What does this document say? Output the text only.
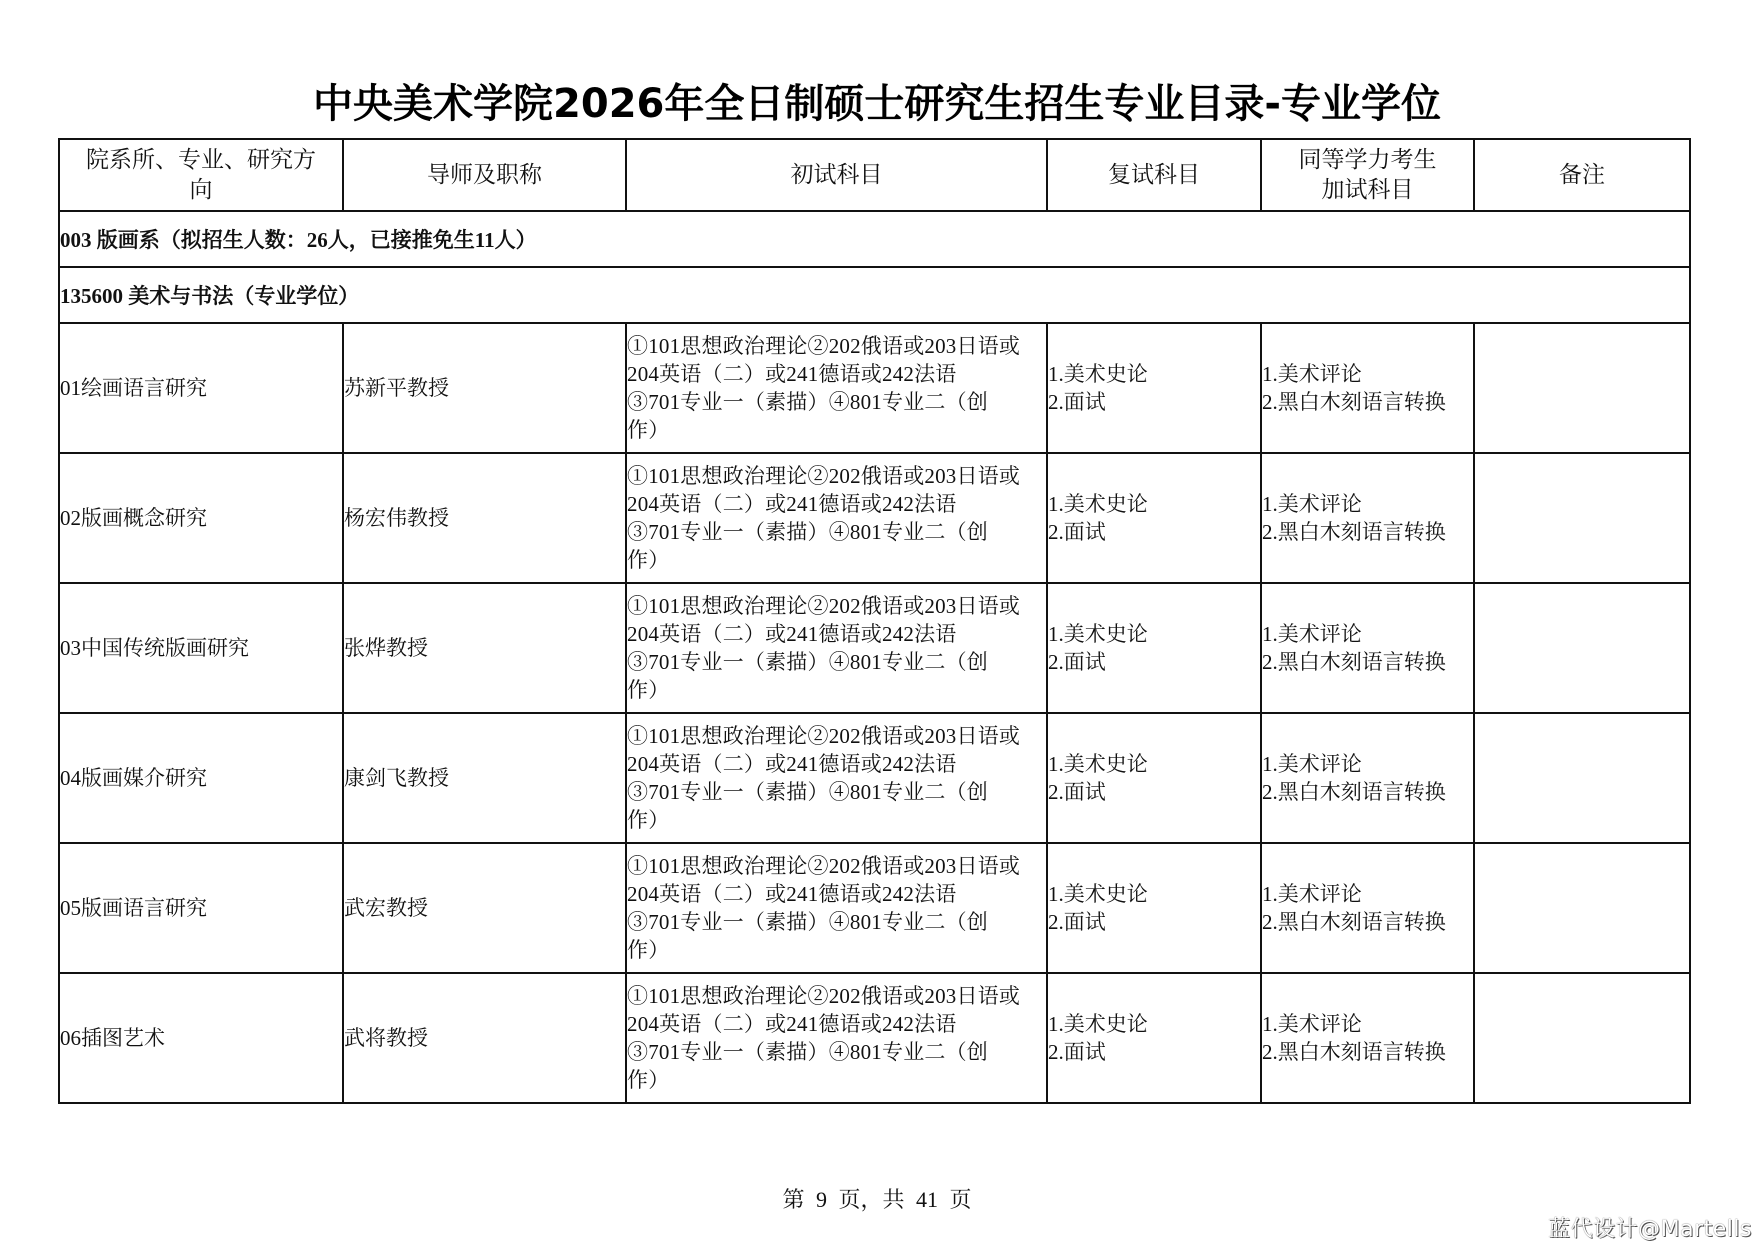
中央美术学院2026年全日制硕士研究生招生专业目录-专业学位
院系所、专业、研究方
向	导师及职称	初试科目	复试科目	同等学力考生
加试科目	备注
003 版画系（拟招生人数：26人，已接推免生11人）					
135600 美术与书法（专业学位）					
01绘画语言研究	苏新平教授	①101思想政治理论②202俄语或203日语或
204英语（二）或241德语或242法语
③701专业一（素描）④801专业二（创
作）	1.美术史论
2.面试	1.美术评论
2.黑白木刻语言转换	

02版画概念研究	杨宏伟教授	①101思想政治理论②202俄语或203日语或
204英语（二）或241德语或242法语
③701专业一（素描）④801专业二（创
作）	1.美术史论
2.面试	1.美术评论
2.黑白木刻语言转换	

03中国传统版画研究	张烨教授	①101思想政治理论②202俄语或203日语或
204英语（二）或241德语或242法语
③701专业一（素描）④801专业二（创
作）	1.美术史论
2.面试	1.美术评论
2.黑白木刻语言转换	

04版画媒介研究	康剑飞教授	①101思想政治理论②202俄语或203日语或
204英语（二）或241德语或242法语
③701专业一（素描）④801专业二（创
作）	1.美术史论
2.面试	1.美术评论
2.黑白木刻语言转换	

05版画语言研究	武宏教授	①101思想政治理论②202俄语或203日语或
204英语（二）或241德语或242法语
③701专业一（素描）④801专业二（创
作）	1.美术史论
2.面试	1.美术评论
2.黑白木刻语言转换	

06插图艺术	武将教授	①101思想政治理论②202俄语或203日语或
204英语（二）或241德语或242法语
③701专业一（素描）④801专业二（创
作）	1.美术史论
2.面试	1.美术评论
2.黑白木刻语言转换	

第 9 页，共 41 页
蓝代设计@Martells
